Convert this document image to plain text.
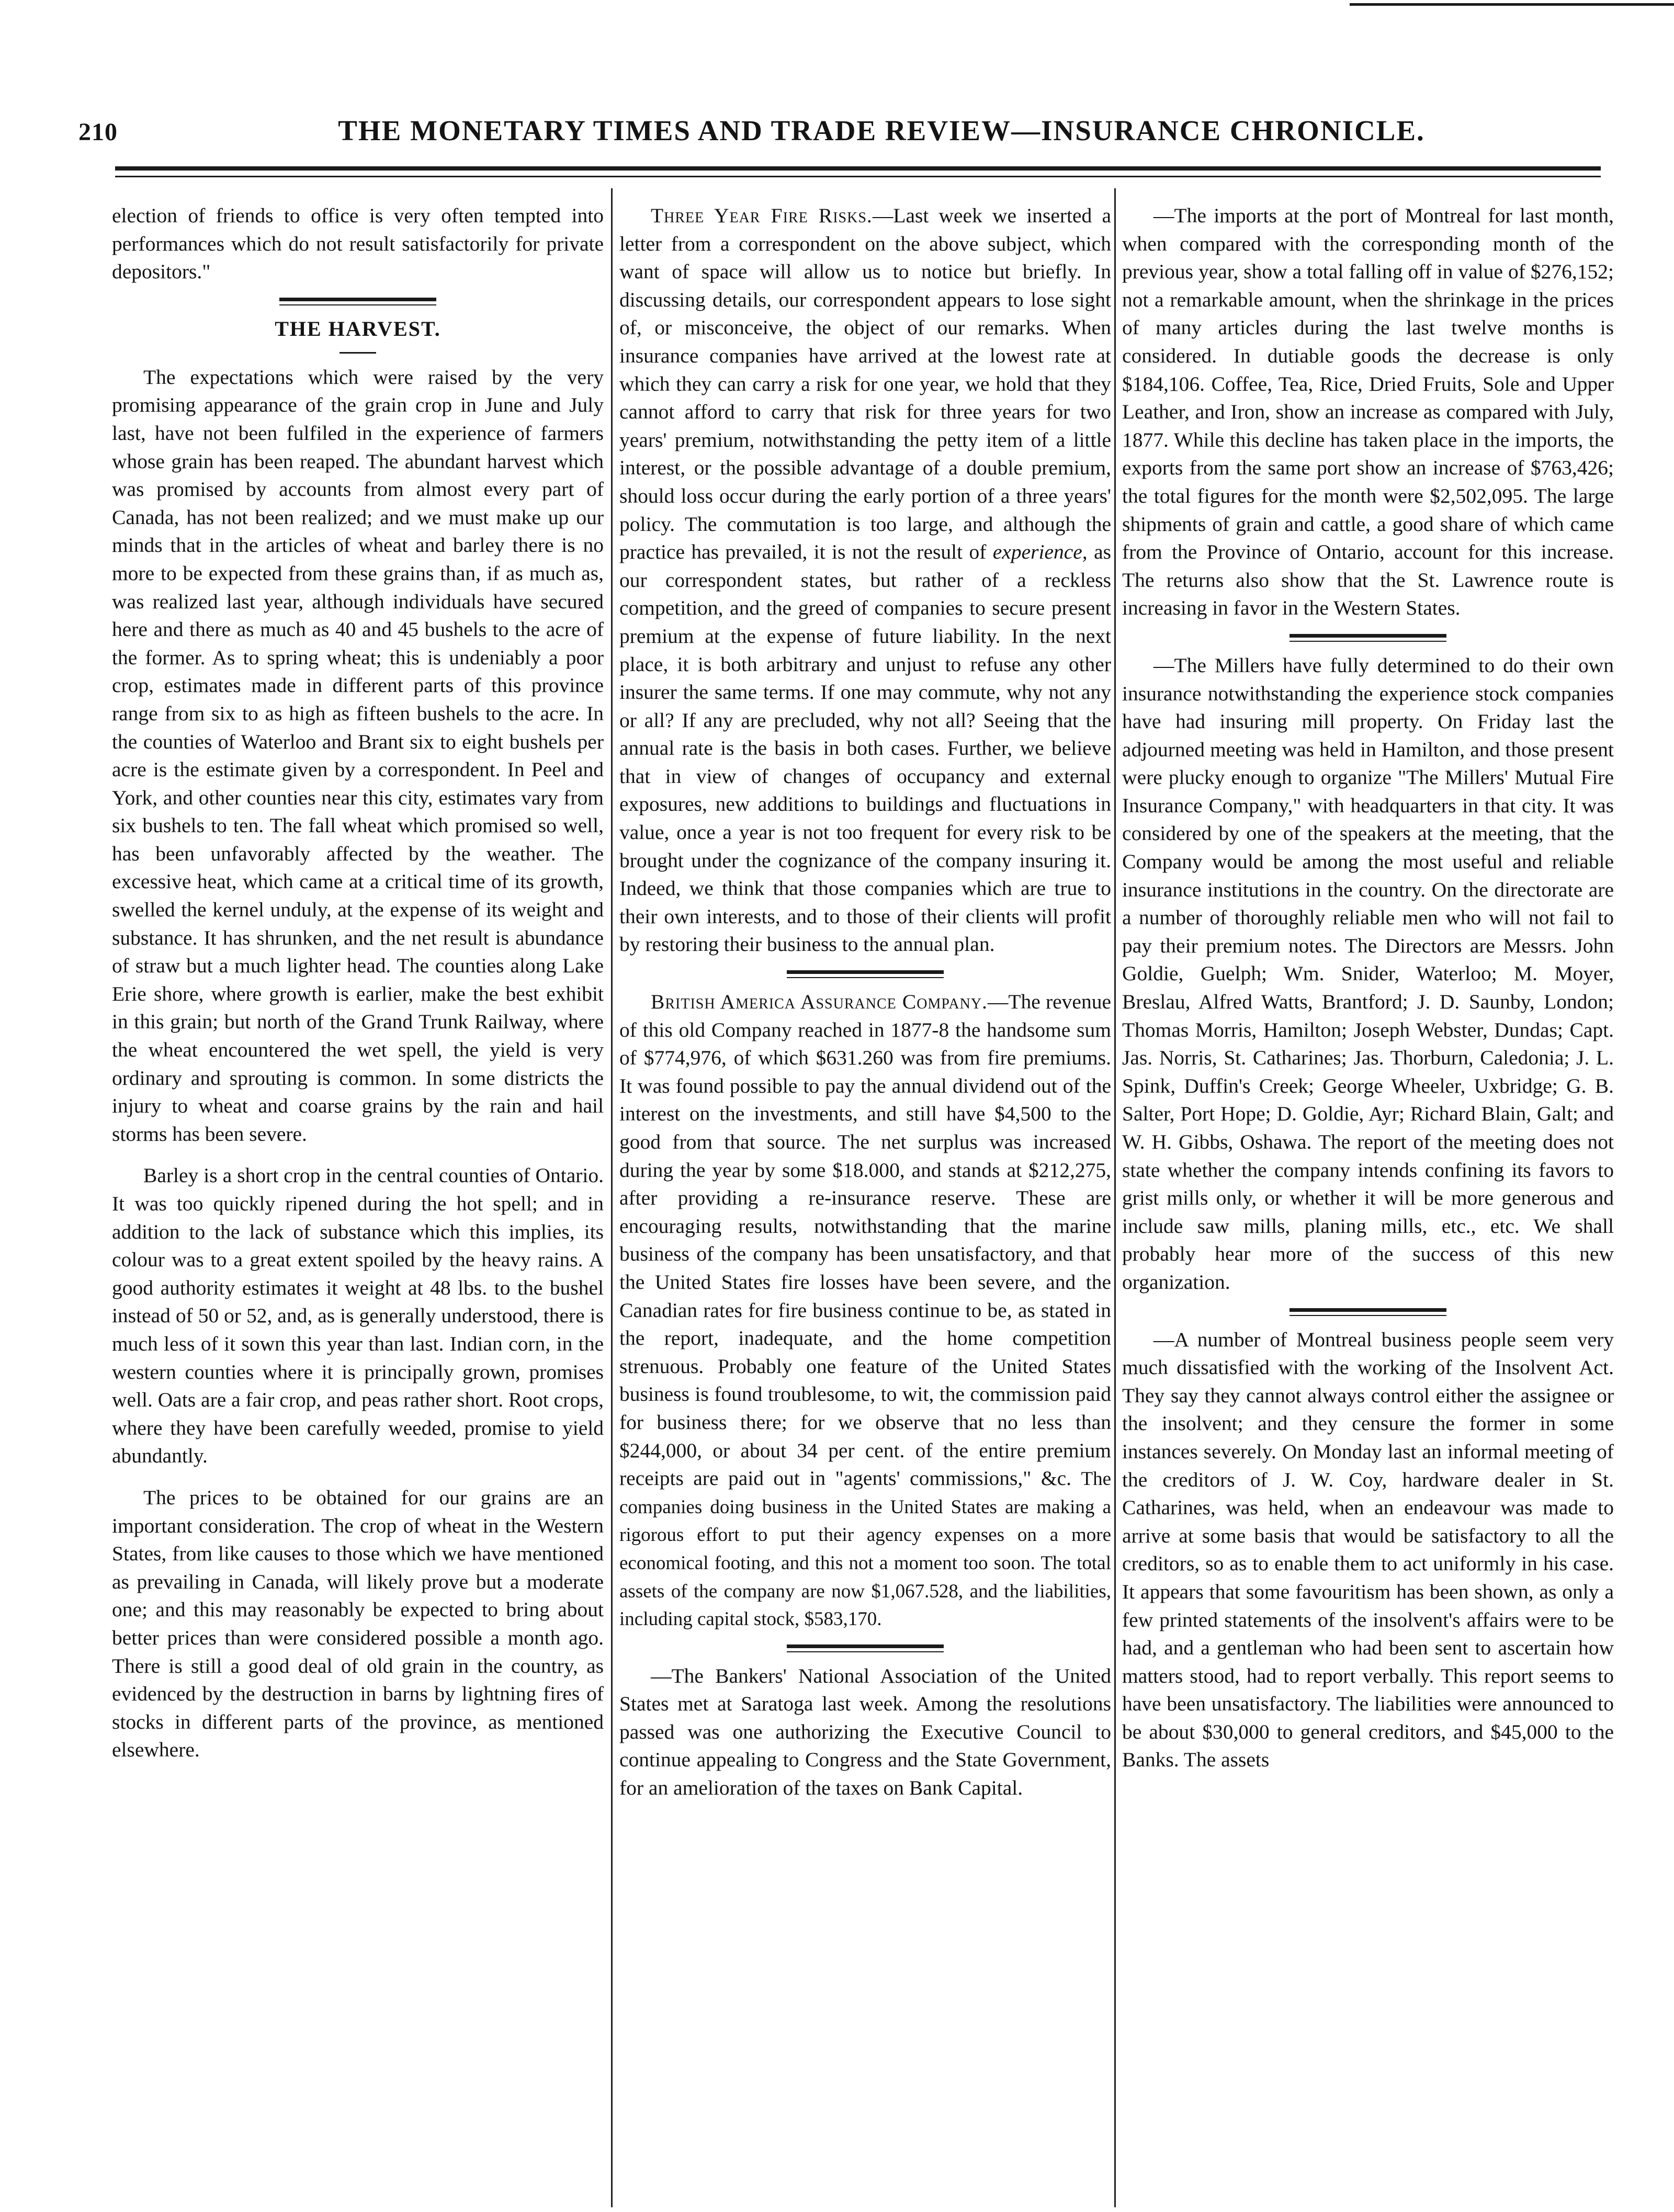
210	THE MONETARY TIMES AND TRADE REVIEW—INSURANCE CHRONICLE.

election of friends to office is very often tempted into performances which do not result satisfactorily for private depositors."

THE HARVEST.

The expectations which were raised by the very promising appearance of the grain crop in June and July last, have not been fulfiled in the experience of farmers whose grain has been reaped. The abundant harvest which was promised by accounts from almost every part of Canada, has not been realized; and we must make up our minds that in the articles of wheat and barley there is no more to be expected from these grains than, if as much as, was realized last year, although individuals have secured here and there as much as 40 and 45 bushels to the acre of the former. As to spring wheat; this is undeniably a poor crop, estimates made in different parts of this province range from six to as high as fifteen bushels to the acre. In the counties of Waterloo and Brant six to eight bushels per acre is the estimate given by a correspondent. In Peel and York, and other counties near this city, estimates vary from six bushels to ten. The fall wheat which promised so well, has been unfavorably affected by the weather. The excessive heat, which came at a critical time of its growth, swelled the kernel unduly, at the expense of its weight and substance. It has shrunken, and the net result is abundance of straw but a much lighter head. The counties along Lake Erie shore, where growth is earlier, make the best exhibit in this grain; but north of the Grand Trunk Railway, where the wheat encountered the wet spell, the yield is very ordinary and sprouting is common. In some districts the injury to wheat and coarse grains by the rain and hail storms has been severe.

Barley is a short crop in the central counties of Ontario. It was too quickly ripened during the hot spell; and in addition to the lack of substance which this implies, its colour was to a great extent spoiled by the heavy rains. A good authority estimates it weight at 48 lbs. to the bushel instead of 50 or 52, and, as is generally understood, there is much less of it sown this year than last. Indian corn, in the western counties where it is principally grown, promises well. Oats are a fair crop, and peas rather short. Root crops, where they have been carefully weeded, promise to yield abundantly.

The prices to be obtained for our grains are an important consideration. The crop of wheat in the Western States, from like causes to those which we have mentioned as prevailing in Canada, will likely prove but a moderate one; and this may reasonably be expected to bring about better prices than were considered possible a month ago. There is still a good deal of old grain in the country, as evidenced by the destruction in barns by lightning fires of stocks in different parts of the province, as mentioned elsewhere.

Three Year Fire Risks.—Last week we inserted a letter from a correspondent on the above subject, which want of space will allow us to notice but briefly. In discussing details, our correspondent appears to lose sight of, or misconceive, the object of our remarks. When insurance companies have arrived at the lowest rate at which they can carry a risk for one year, we hold that they cannot afford to carry that risk for three years for two years' premium, notwithstanding the petty item of a little interest, or the possible advantage of a double premium, should loss occur during the early portion of a three years' policy. The commutation is too large, and although the practice has prevailed, it is not the result of experience, as our correspondent states, but rather of a reckless competition, and the greed of companies to secure present premium at the expense of future liability. In the next place, it is both arbitrary and unjust to refuse any other insurer the same terms. If one may commute, why not any or all? If any are precluded, why not all? Seeing that the annual rate is the basis in both cases. Further, we believe that in view of changes of occupancy and external exposures, new additions to buildings and fluctuations in value, once a year is not too frequent for every risk to be brought under the cognizance of the company insuring it. Indeed, we think that those companies which are true to their own interests, and to those of their clients will profit by restoring their business to the annual plan.

British America Assurance Company.—The revenue of this old Company reached in 1877-8 the handsome sum of $774,976, of which $631.260 was from fire premiums. It was found possible to pay the annual dividend out of the interest on the investments, and still have $4,500 to the good from that source. The net surplus was increased during the year by some $18.000, and stands at $212,275, after providing a re-insurance reserve. These are encouraging results, notwithstanding that the marine business of the company has been unsatisfactory, and that the United States fire losses have been severe, and the Canadian rates for fire business continue to be, as stated in the report, inadequate, and the home competition strenuous. Probably one feature of the United States business is found troublesome, to wit, the commission paid for business there; for we observe that no less than $244,000, or about 34 per cent. of the entire premium receipts are paid out in "agents' commissions," &c. The companies doing business in the United States are making a rigorous effort to put their agency expenses on a more economical footing, and this not a moment too soon. The total assets of the company are now $1,067.528, and the liabilities, including capital stock, $583,170.

—The Bankers' National Association of the United States met at Saratoga last week. Among the resolutions passed was one authorizing the Executive Council to continue appealing to Congress and the State Government, for an amelioration of the taxes on Bank Capital.

—The imports at the port of Montreal for last month, when compared with the corresponding month of the previous year, show a total falling off in value of $276,152; not a remarkable amount, when the shrinkage in the prices of many articles during the last twelve months is considered. In dutiable goods the decrease is only $184,106. Coffee, Tea, Rice, Dried Fruits, Sole and Upper Leather, and Iron, show an increase as compared with July, 1877. While this decline has taken place in the imports, the exports from the same port show an increase of $763,426; the total figures for the month were $2,502,095. The large shipments of grain and cattle, a good share of which came from the Province of Ontario, account for this increase. The returns also show that the St. Lawrence route is increasing in favor in the Western States.

—The Millers have fully determined to do their own insurance notwithstanding the experience stock companies have had insuring mill property. On Friday last the adjourned meeting was held in Hamilton, and those present were plucky enough to organize "The Millers' Mutual Fire Insurance Company," with headquarters in that city. It was considered by one of the speakers at the meeting, that the Company would be among the most useful and reliable insurance institutions in the country. On the directorate are a number of thoroughly reliable men who will not fail to pay their premium notes. The Directors are Messrs. John Goldie, Guelph; Wm. Snider, Waterloo; M. Moyer, Breslau, Alfred Watts, Brantford; J. D. Saunby, London; Thomas Morris, Hamilton; Joseph Webster, Dundas; Capt. Jas. Norris, St. Catharines; Jas. Thorburn, Caledonia; J. L. Spink, Duffin's Creek; George Wheeler, Uxbridge; G. B. Salter, Port Hope; D. Goldie, Ayr; Richard Blain, Galt; and W. H. Gibbs, Oshawa. The report of the meeting does not state whether the company intends confining its favors to grist mills only, or whether it will be more generous and include saw mills, planing mills, etc., etc. We shall probably hear more of the success of this new organization.

—A number of Montreal business people seem very much dissatisfied with the working of the Insolvent Act. They say they cannot always control either the assignee or the insolvent; and they censure the former in some instances severely. On Monday last an informal meeting of the creditors of J. W. Coy, hardware dealer in St. Catharines, was held, when an endeavour was made to arrive at some basis that would be satisfactory to all the creditors, so as to enable them to act uniformly in his case. It appears that some favouritism has been shown, as only a few printed statements of the insolvent's affairs were to be had, and a gentleman who had been sent to ascertain how matters stood, had to report verbally. This report seems to have been unsatisfactory. The liabilities were announced to be about $30,000 to general creditors, and $45,000 to the Banks. The assets
